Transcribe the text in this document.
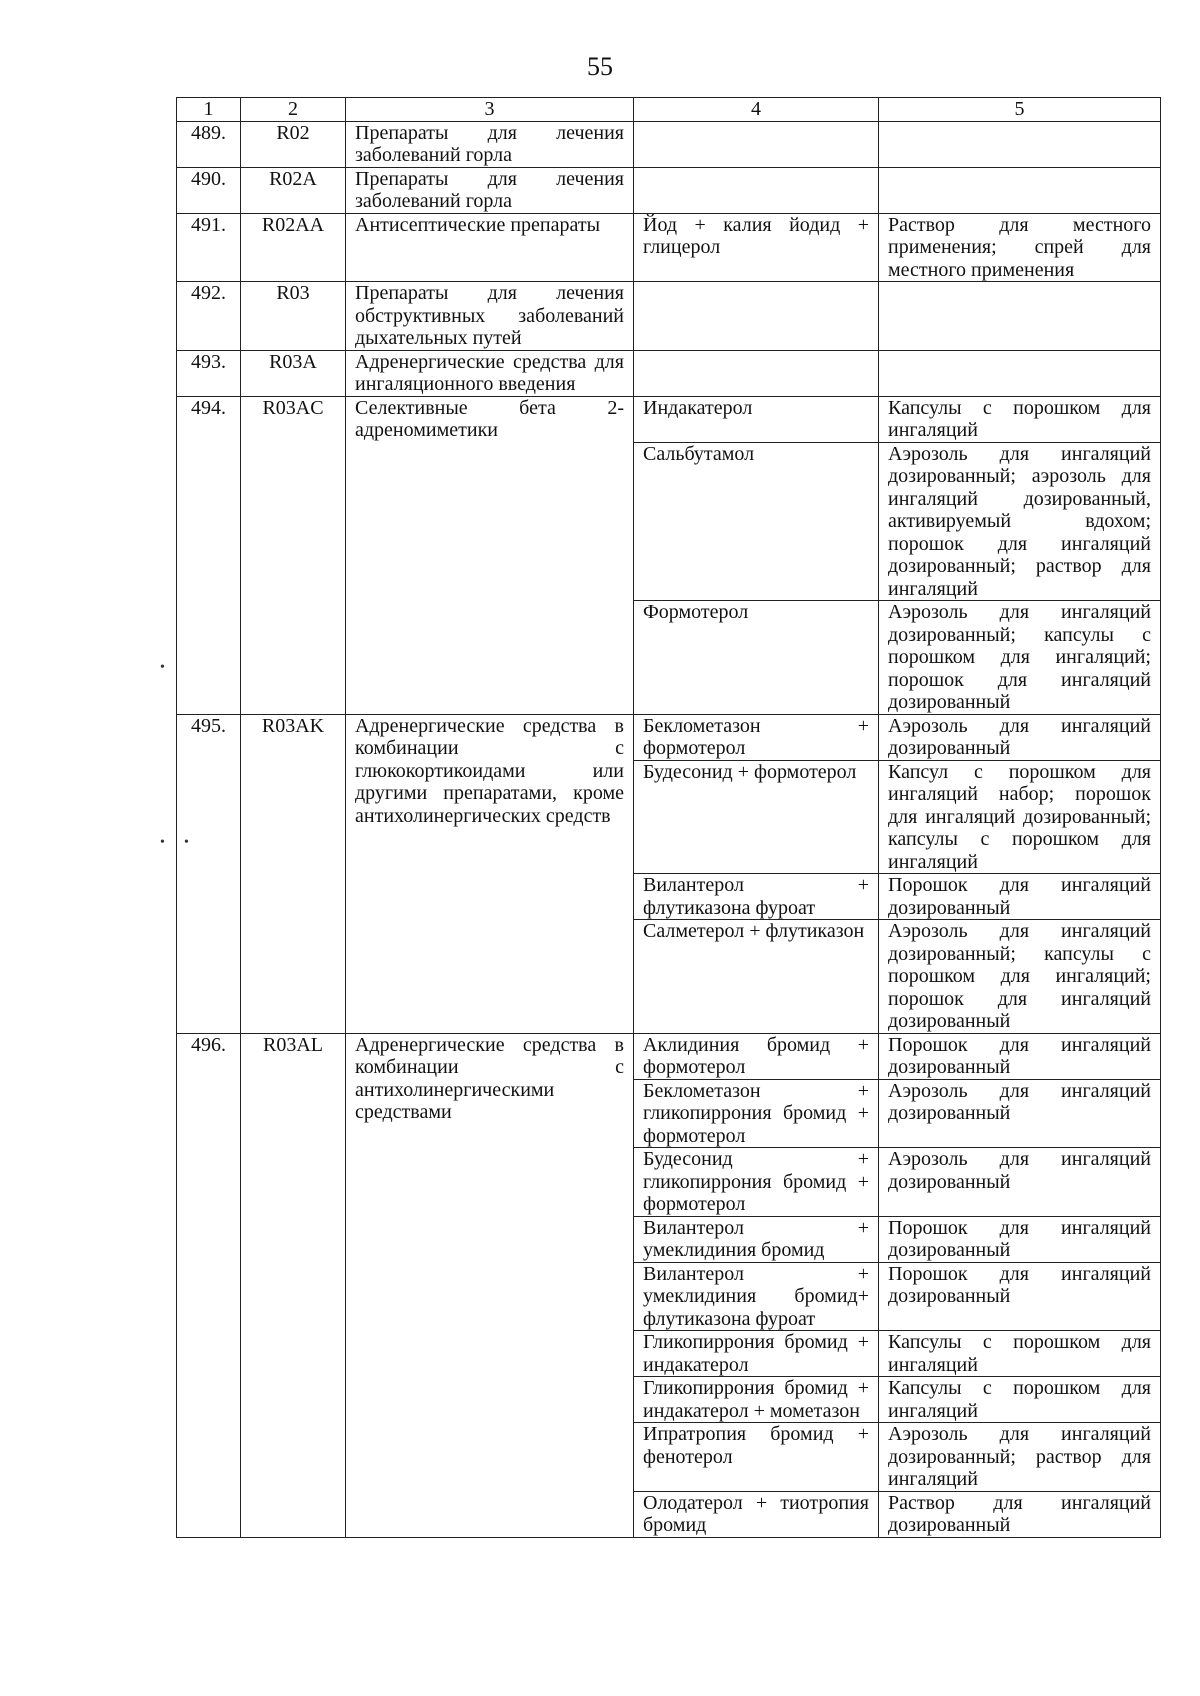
55
1	2	3	4	5
489.	R02	Препараты для лечения заболеваний горла		
490.	R02A	Препараты для лечения заболеваний горла		
491.	R02AA	Антисептические препараты	Йод + калия йодид + глицерол	Раствор для местного применения; спрей для местного применения
492.	R03	Препараты для лечения обструктивных заболеваний дыхательных путей		
493.	R03A	Адренергические средства для ингаляционного введения		
494.	R03AC	Селективные бета 2-адреномиметики	Индакатерол	Капсулы с порошком для ингаляций
			Сальбутамол	Аэрозоль для ингаляций дозированный; аэрозоль для ингаляций дозированный, активируемый вдохом; порошок для ингаляций дозированный; раствор для ингаляций
			Формотерол	Аэрозоль для ингаляций дозированный; капсулы с порошком для ингаляций; порошок для ингаляций дозированный
495.	R03AK	Адренергические средства в комбинации с глюкокортикоидами или другими препаратами, кроме антихолинергических средств	Беклометазон + формотерол	Аэрозоль для ингаляций дозированный
			Будесонид + формотерол	Капсул с порошком для ингаляций набор; порошок для ингаляций дозированный; капсулы с порошком для ингаляций
			Вилантерол + флутиказона фуроат	Порошок для ингаляций дозированный
			Салметерол + флутиказон	Аэрозоль для ингаляций дозированный; капсулы с порошком для ингаляций; порошок для ингаляций дозированный
496.	R03AL	Адренергические средства в комбинации с антихолинергическими средствами	Аклидиния бромид + формотерол	Порошок для ингаляций дозированный
			Беклометазон + гликопиррония бромид + формотерол	Аэрозоль для ингаляций дозированный
			Будесонид + гликопиррония бромид + формотерол	Аэрозоль для ингаляций дозированный
			Вилантерол + умеклидиния бромид	Порошок для ингаляций дозированный
			Вилантерол + умеклидиния бромид+ флутиказона фуроат	Порошок для ингаляций дозированный
			Гликопиррония бромид + индакатерол	Капсулы с порошком для ингаляций
			Гликопиррония бромид + индакатерол + мометазон	Капсулы с порошком для ингаляций
			Ипратропия бромид + фенотерол	Аэрозоль для ингаляций дозированный; раствор для ингаляций
			Олодатерол + тиотропия бромид	Раствор для ингаляций дозированный
•
• •
